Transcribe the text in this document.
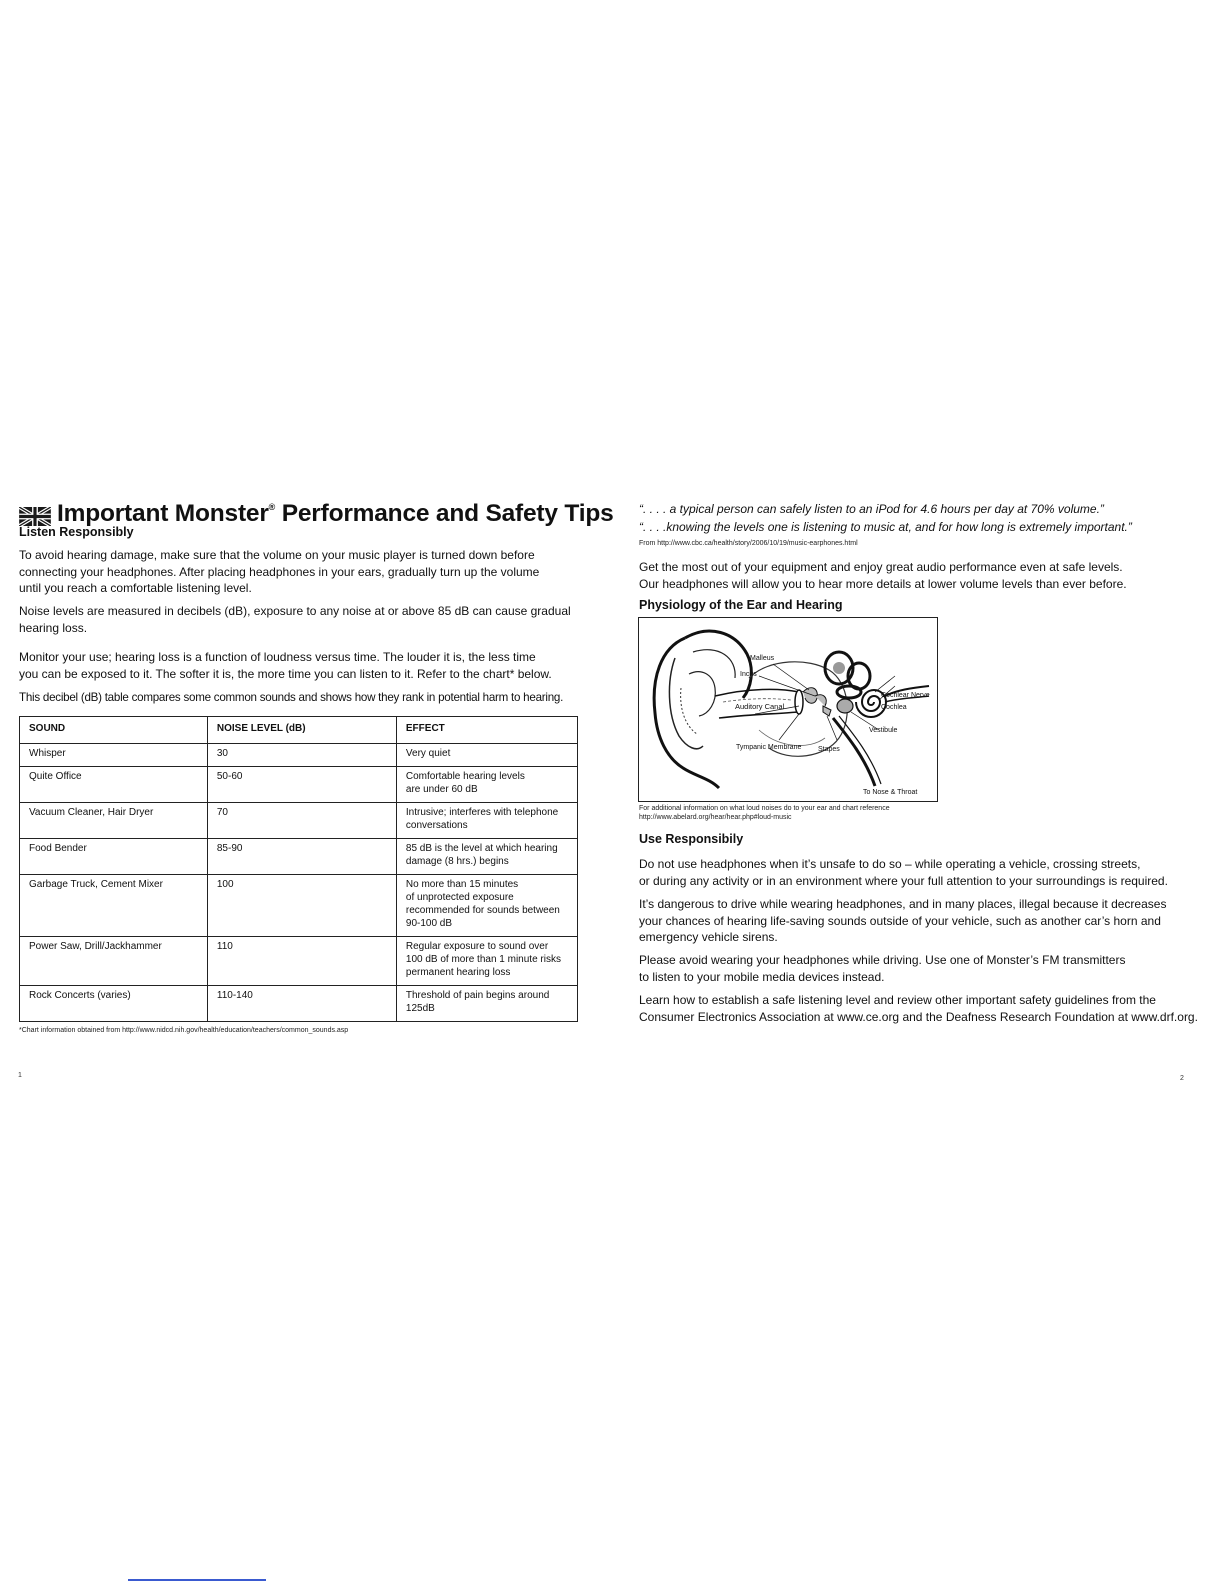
Important Monster® Performance and Safety Tips
Listen Responsibly

To avoid hearing damage, make sure that the volume on your music player is turned down before
connecting your headphones. After placing headphones in your ears, gradually turn up the volume
until you reach a comfortable listening level.

Noise levels are measured in decibels (dB), exposure to any noise at or above 85 dB can cause gradual
hearing loss.

Monitor your use; hearing loss is a function of loudness versus time. The louder it is, the less time
you can be exposed to it. The softer it is, the more time you can listen to it. Refer to the chart* below.

This decibel (dB) table compares some common sounds and shows how they rank in potential harm to hearing.

SOUND	NOISE LEVEL (dB)	EFFECT
Whisper	30	Very quiet
Quite Office	50-60	Comfortable hearing levels
are under 60 dB
Vacuum Cleaner, Hair Dryer	70	Intrusive; interferes with telephone
conversations
Food Bender	85-90	85 dB is the level at which hearing
damage (8 hrs.) begins
Garbage Truck, Cement Mixer	100	No more than 15 minutes
of unprotected exposure
recommended for sounds between
90-100 dB
Power Saw, Drill/Jackhammer	110	Regular exposure to sound over
100 dB of more than 1 minute risks
permanent hearing loss
Rock Concerts (varies)	110-140	Threshold of pain begins around
125dB
*Chart information obtained from http://www.nidcd.nih.gov/health/education/teachers/common_sounds.asp
1

“. . . . a typical person can safely listen to an iPod for 4.6 hours per day at 70% volume.”

“. . . .knowing the levels one is listening to music at, and for how long is extremely important.”

From http://www.cbc.ca/health/story/2006/10/19/music-earphones.html

Get the most out of your equipment and enjoy great audio performance even at safe levels.
Our headphones will allow you to hear more details at lower volume levels than ever before.

Physiology of the Ear and Hearing
Malleus
Incus
Auditory Canal
Cochlear Nerve
Cochlea
Vestibule
Tympanic Membrane Stapes
To Nose & Throat
For additional information on what loud noises do to your ear and chart reference
http://www.abelard.org/hear/hear.php#loud-music
Use Responsibily

Do not use headphones when it’s unsafe to do so – while operating a vehicle, crossing streets,
or during any activity or in an environment where your full attention to your surroundings is required.

It’s dangerous to drive while wearing headphones, and in many places, illegal because it decreases
your chances of hearing life-saving sounds outside of your vehicle, such as another car’s horn and
emergency vehicle sirens.

Please avoid wearing your headphones while driving. Use one of Monster’s FM transmitters
to listen to your mobile media devices instead.

Learn how to establish a safe listening level and review other important safety guidelines from the
Consumer Electronics Association at www.ce.org and the Deafness Research Foundation at www.drf.org.

2
